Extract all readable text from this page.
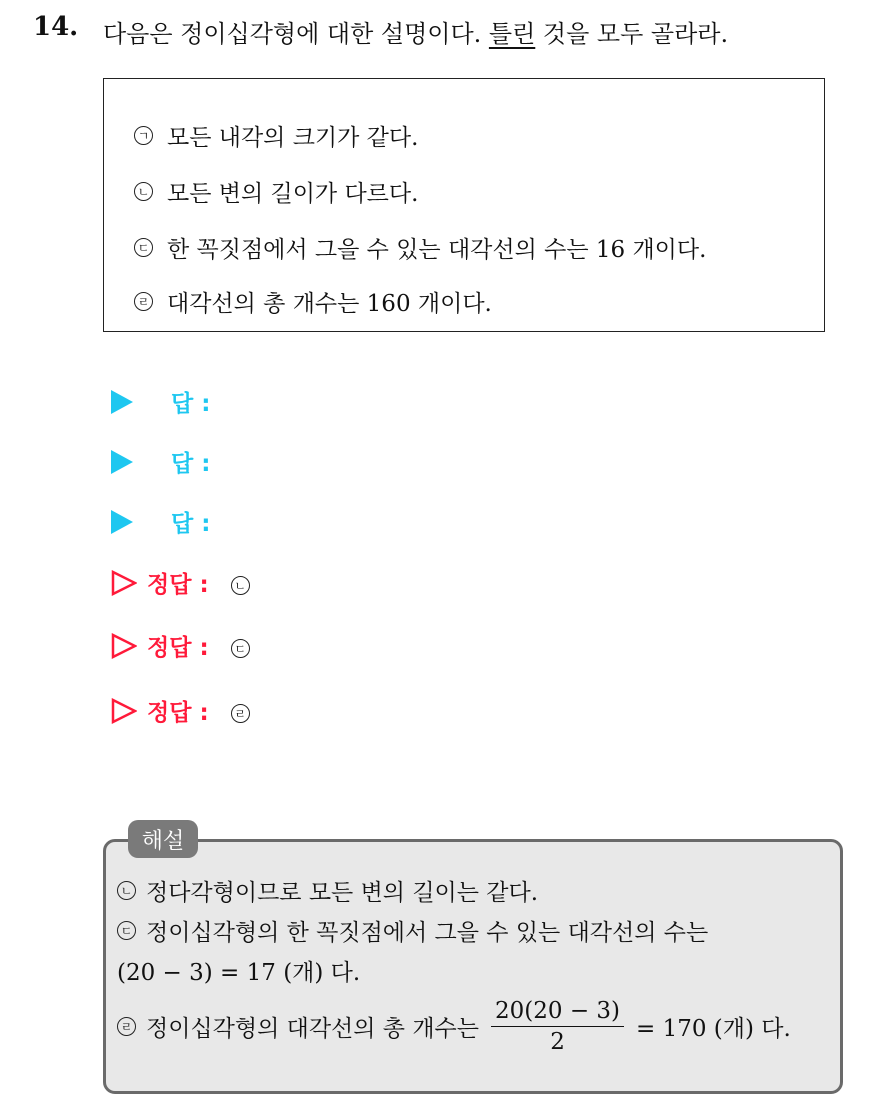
14. 다음은 정이십각형에 대한 설명이다. 틀린 것을 모두 골라라.
ㄱ 모든 내각의 크기가 같다.
ㄴ 모든 변의 길이가 다르다.
ㄷ 한 꼭짓점에서 그을 수 있는 대각선의 수는 16 개이다.
ㄹ 대각선의 총 개수는 160 개이다.
답 :
답 :
답 :
정답 :	ㄴ
정답 :	ㄷ
정답 :	ㄹ
해설
ㄴ 정다각형이므로 모든 변의 길이는 같다.
ㄷ 정이십각형의 한 꼭짓점에서 그을 수 있는 대각선의 수는
(20 − 3) = 17 (개) 다.
ㄹ 정이십각형의 대각선의 총 개수는 $\frac{20(20 - 3)}{2} = 170$ (개) 다.
